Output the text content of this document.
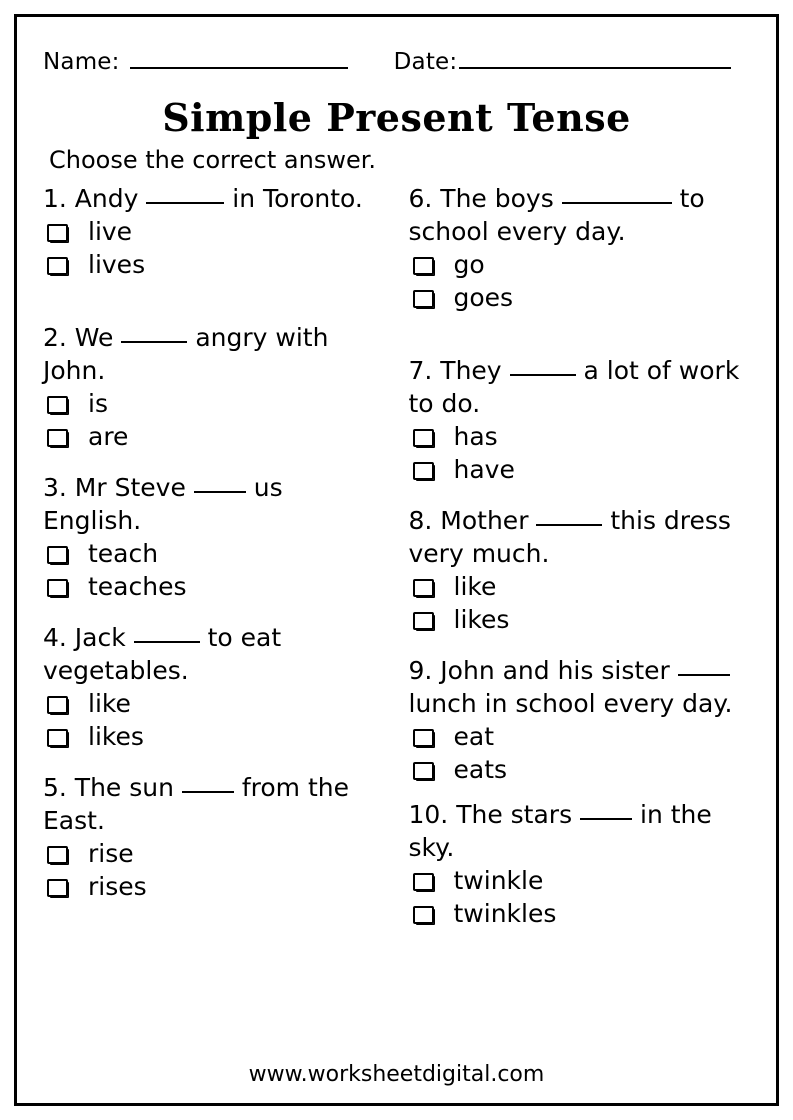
Name:	Date:
Simple Present Tense
Choose the correct answer.
1. Andy	in Toronto.
live
lives
2. We	angry with John.
is
are
3. Mr Steve  us English.
teach
teaches
4. Jack	to eat vegetables.
like
likes
5. The sun  from the East.
rise
rises
6. The boys	to school every day.
go
goes
7. They	a lot of work to do.
has
have
8. Mother	this dress very much.
like
likes
9. John and his sister  lunch in school every day.
eat
eats
10. The stars  in the sky.
twinkle
twinkles
www.worksheetdigital.com
